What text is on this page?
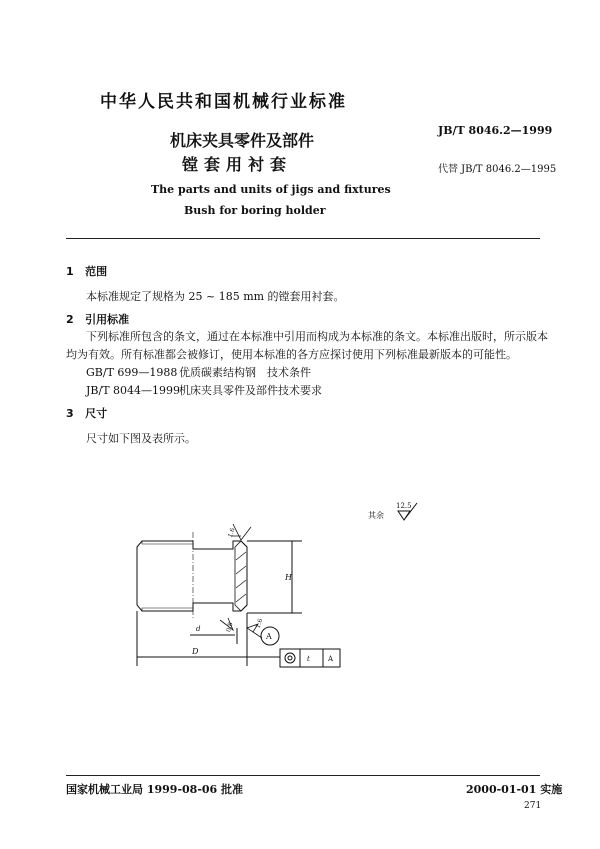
中华人民共和国机械行业标准
机床夹具零件及部件
镗套用衬套
JB/T 8046.2—1999
代替 JB/T 8046.2—1995
The parts and units of jigs and fixtures
Bush for boring holder
1 范围
本标准规定了规格为 25 ~ 185 mm 的镗套用衬套。
2 引用标准
下列标准所包含的条文，通过在本标准中引用而构成为本标准的条文。本标准出版时，所示版本
均为有效。所有标准都会被修订，使用本标准的各方应探讨使用下列标准最新版本的可能性。
GB/T 699—1988 优质碳素结构钢　技术条件
JB/T 8044—1999机床夹具零件及部件技术要求
3 尺寸
尺寸如下图及表所示。
其余
12.5
H
1.6
d	0.8	1.6
A
D
t	A
国家机械工业局 1999-08-06 批准	2000-01-01 实施
271
